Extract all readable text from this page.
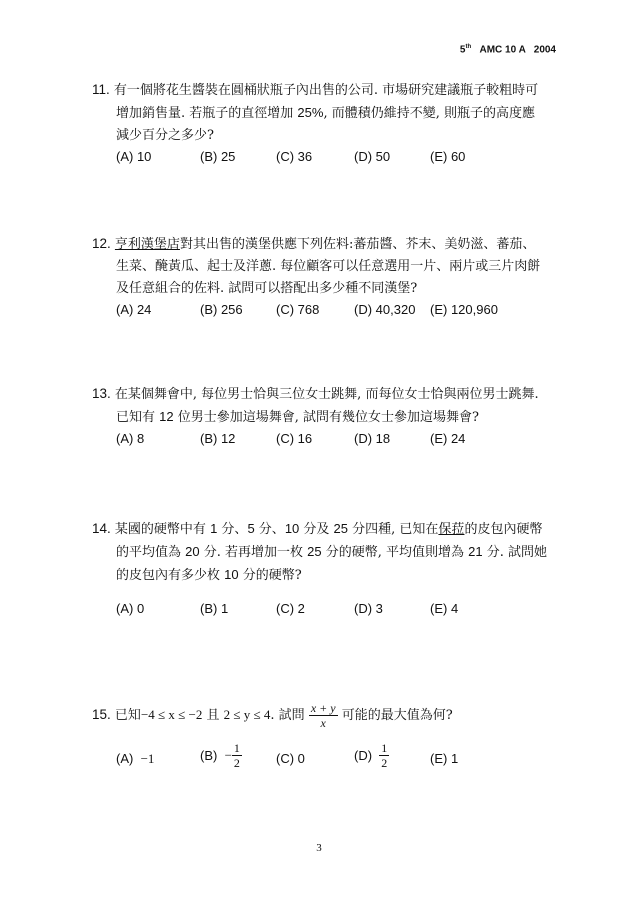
5th AMC 10 A   2004
11. 有一個將花生醬裝在圓桶狀瓶子內出售的公司. 市場研究建議瓶子較粗時可
增加銷售量. 若瓶子的直徑增加 25%, 而體積仍維持不變, 則瓶子的高度應
減少百分之多少?
(A) 10	(B) 25	(C) 36	(D) 50	(E) 60
12. 亨利漢堡店對其出售的漢堡供應下列佐料:蕃茄醬、芥末、美奶滋、蕃茄、
生菜、醃黃瓜、起士及洋蔥. 每位顧客可以任意選用一片、兩片或三片肉餅
及任意組合的佐料. 試問可以搭配出多少種不同漢堡?
(A) 24	(B) 256	(C) 768	(D) 40,320 (E) 120,960
13. 在某個舞會中, 每位男士恰與三位女士跳舞, 而每位女士恰與兩位男士跳舞.
已知有 12 位男士參加這場舞會, 試問有幾位女士參加這場舞會?
(A) 8	(B) 12	(C) 16	(D) 18	(E) 24
14. 某國的硬幣中有 1 分、5 分、10 分及 25 分四種, 已知在保菈的皮包內硬幣
的平均值為 20 分. 若再增加一枚 25 分的硬幣, 平均值則增為 21 分. 試問她
的皮包內有多少枚 10 分的硬幣?
(A) 0	(B) 1	(C) 2	(D) 3	(E) 4
15. 已知−4 ≤ x ≤ −2 且 2 ≤ y ≤ 4. 試問 $\frac{x + y}{x}$ 可能的最大值為何?
(A) −1	$(B) - \frac{1}{2}$	(C) 0	$(D) \frac{1}{2}$	(E) 1
3
